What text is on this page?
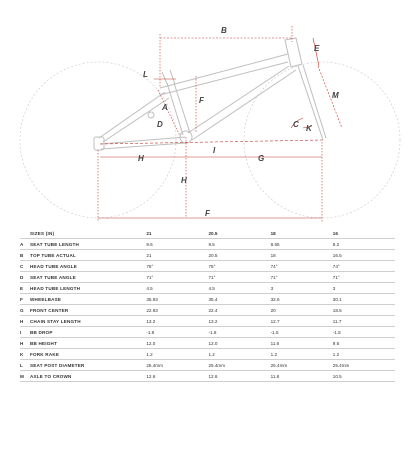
B
E
L
M
F
A
D	C K
I
H	G
H
F
	SIZES (IN)	21	20.5	18	16
A	SEAT TUBE LENGTH	9.6	9.5	8.65	8.2
B	TOP TUBE ACTUAL	21	20.5	18	16.5
C	HEAD TUBE ANGLE	75°	75°	74°	74°
D	SEAT TUBE ANGLE	71°	71°	71°	71°
E	HEAD TUBE LENGTH	4.5	4.5	3	3
F	WHEELBASE	35.93	35.4	32.6	30.1
G	FRONT CENTER	22.93	22.4	20	18.5
H	CHAIN STAY LENGTH	13.2	13.2	12.7	11.7
I	BB DROP	-1.8	-1.8	-1.5	-1.5
H	BB HEIGHT	12.0	12.0	11.6	9.6
K	FORK RAKE	1.2	1.2	1.2	1.2
L	SEAT POST DIAMETER	25.4mm	25.4mm	25.4mm	25.4mm
M	AXLE TO CROWN	12.6	12.6	11.8	10.5
